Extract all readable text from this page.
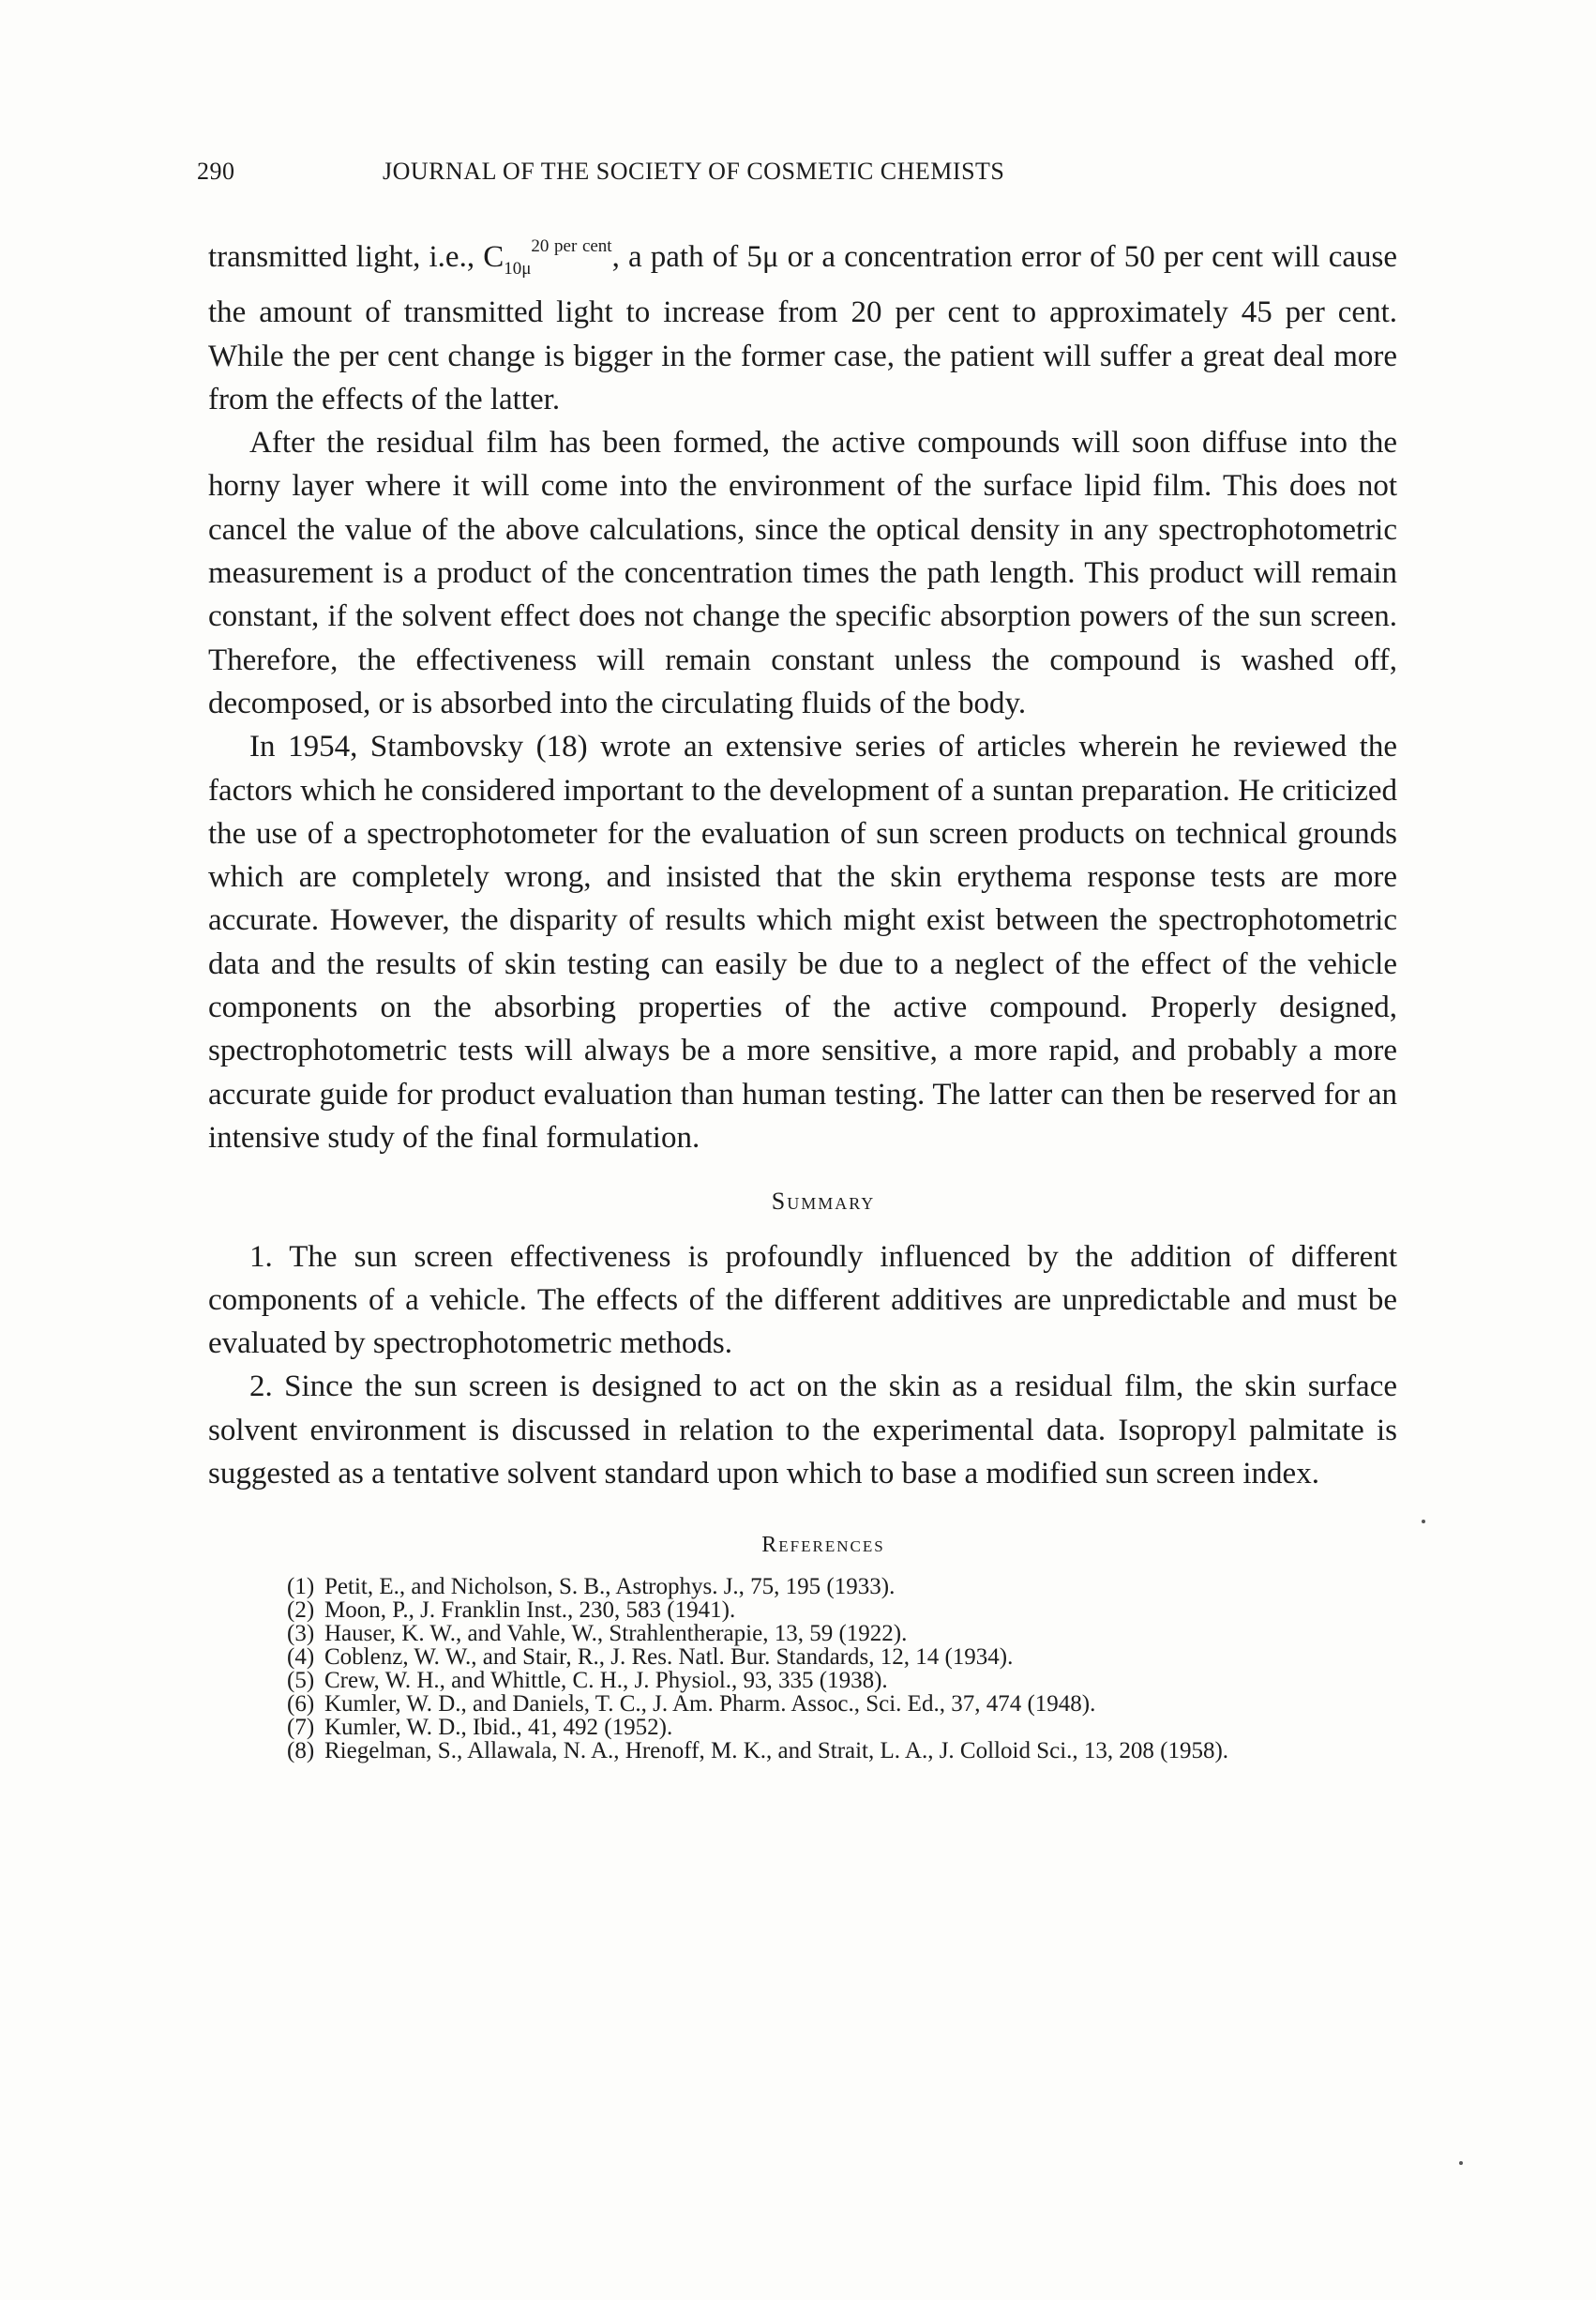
290	JOURNAL OF THE SOCIETY OF COSMETIC CHEMISTS

transmitted light, i.e., $C_{10\mu}^{20 per cent}$, a path of 5μ or a concentration error of 50 per cent will cause the amount of transmitted light to increase from 20 per cent to approximately 45 per cent. While the per cent change is bigger in the former case, the patient will suffer a great deal more from the effects of the latter.

After the residual film has been formed, the active compounds will soon diffuse into the horny layer where it will come into the environment of the surface lipid film. This does not cancel the value of the above calculations, since the optical density in any spectrophotometric measurement is a product of the concentration times the path length. This product will remain constant, if the solvent effect does not change the specific absorption powers of the sun screen. Therefore, the effectiveness will remain constant unless the compound is washed off, decomposed, or is absorbed into the circulating fluids of the body.

In 1954, Stambovsky (18) wrote an extensive series of articles wherein he reviewed the factors which he considered important to the development of a suntan preparation. He criticized the use of a spectrophotometer for the evaluation of sun screen products on technical grounds which are completely wrong, and insisted that the skin erythema response tests are more accurate. However, the disparity of results which might exist between the spectrophotometric data and the results of skin testing can easily be due to a neglect of the effect of the vehicle components on the absorbing properties of the active compound. Properly designed, spectrophotometric tests will always be a more sensitive, a more rapid, and probably a more accurate guide for product evaluation than human testing. The latter can then be reserved for an intensive study of the final formulation.

Summary

1. The sun screen effectiveness is profoundly influenced by the addition of different components of a vehicle. The effects of the different additives are unpredictable and must be evaluated by spectrophotometric methods.

2. Since the sun screen is designed to act on the skin as a residual film, the skin surface solvent environment is discussed in relation to the experimental data. Isopropyl palmitate is suggested as a tentative solvent standard upon which to base a modified sun screen index.

References

(1) Petit, E., and Nicholson, S. B., Astrophys. J., 75, 195 (1933).

(2) Moon, P., J. Franklin Inst., 230, 583 (1941).

(3) Hauser, K. W., and Vahle, W., Strahlentherapie, 13, 59 (1922).

(4) Coblenz, W. W., and Stair, R., J. Res. Natl. Bur. Standards, 12, 14 (1934).

(5) Crew, W. H., and Whittle, C. H., J. Physiol., 93, 335 (1938).

(6) Kumler, W. D., and Daniels, T. C., J. Am. Pharm. Assoc., Sci. Ed., 37, 474 (1948).

(7) Kumler, W. D., Ibid., 41, 492 (1952).

(8) Riegelman, S., Allawala, N. A., Hrenoff, M. K., and Strait, L. A., J. Colloid Sci., 13, 208 (1958).
